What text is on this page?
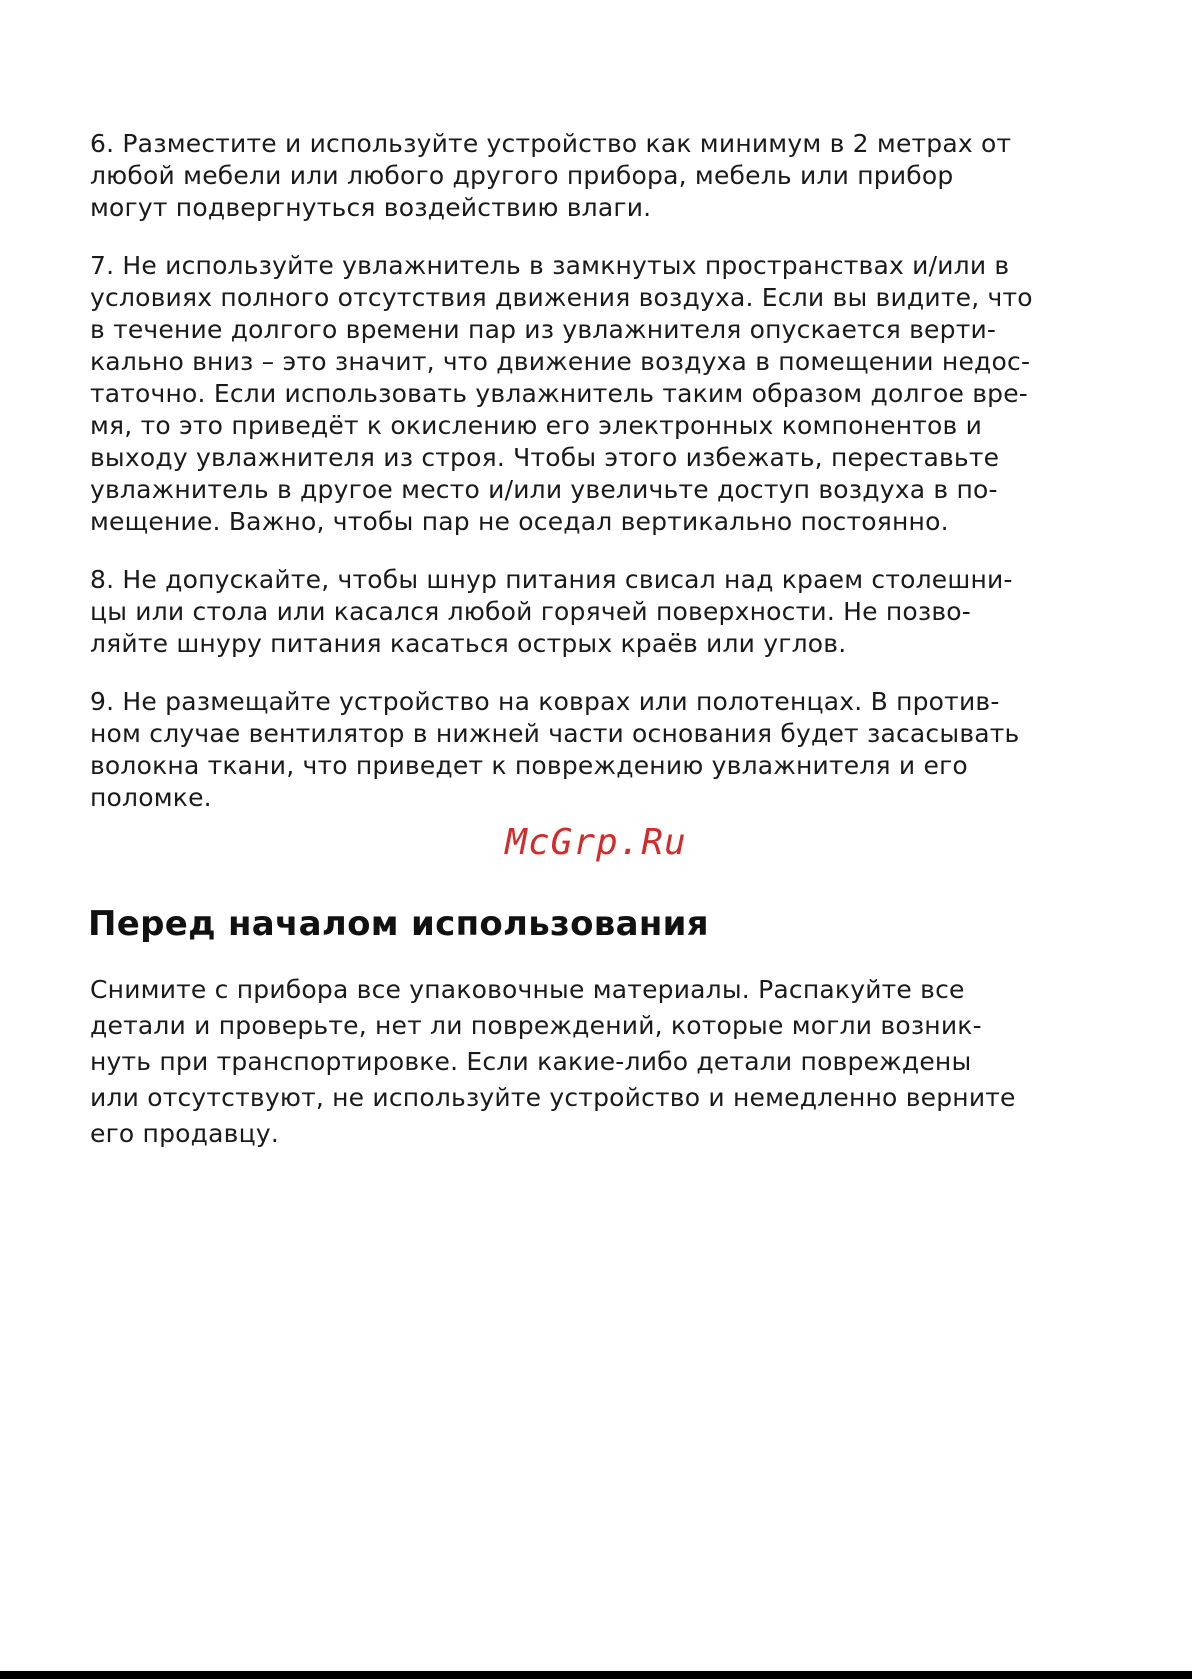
6. Разместите и используйте устройство как минимум в 2 метрах от
любой мебели или любого другого прибора, мебель или прибор
могут подвергнуться воздействию влаги.

7. Не используйте увлажнитель в замкнутых пространствах и/или в
условиях полного отсутствия движения воздуха. Если вы видите, что
в течение долгого времени пар из увлажнителя опускается верти-
кально вниз – это значит, что движение воздуха в помещении недос-
таточно. Если использовать увлажнитель таким образом долгое вре-
мя, то это приведёт к окислению его электронных компонентов и
выходу увлажнителя из строя. Чтобы этого избежать, переставьте
увлажнитель в другое место и/или увеличьте доступ воздуха в по-
мещение. Важно, чтобы пар не оседал вертикально постоянно.

8. Не допускайте, чтобы шнур питания свисал над краем столешни-
цы или стола или касался любой горячей поверхности. Не позво-
ляйте шнуру питания касаться острых краёв или углов.

9. Не размещайте устройство на коврах или полотенцах. В против-
ном случае вентилятор в нижней части основания будет засасывать
волокна ткани, что приведет к повреждению увлажнителя и его
поломке.

McGrp.Ru
Перед началом использования

Снимите с прибора все упаковочные материалы. Распакуйте все
детали и проверьте, нет ли повреждений, которые могли возник-
нуть при транспортировке. Если какие-либо детали повреждены
или отсутствуют, не используйте устройство и немедленно верните
его продавцу.
